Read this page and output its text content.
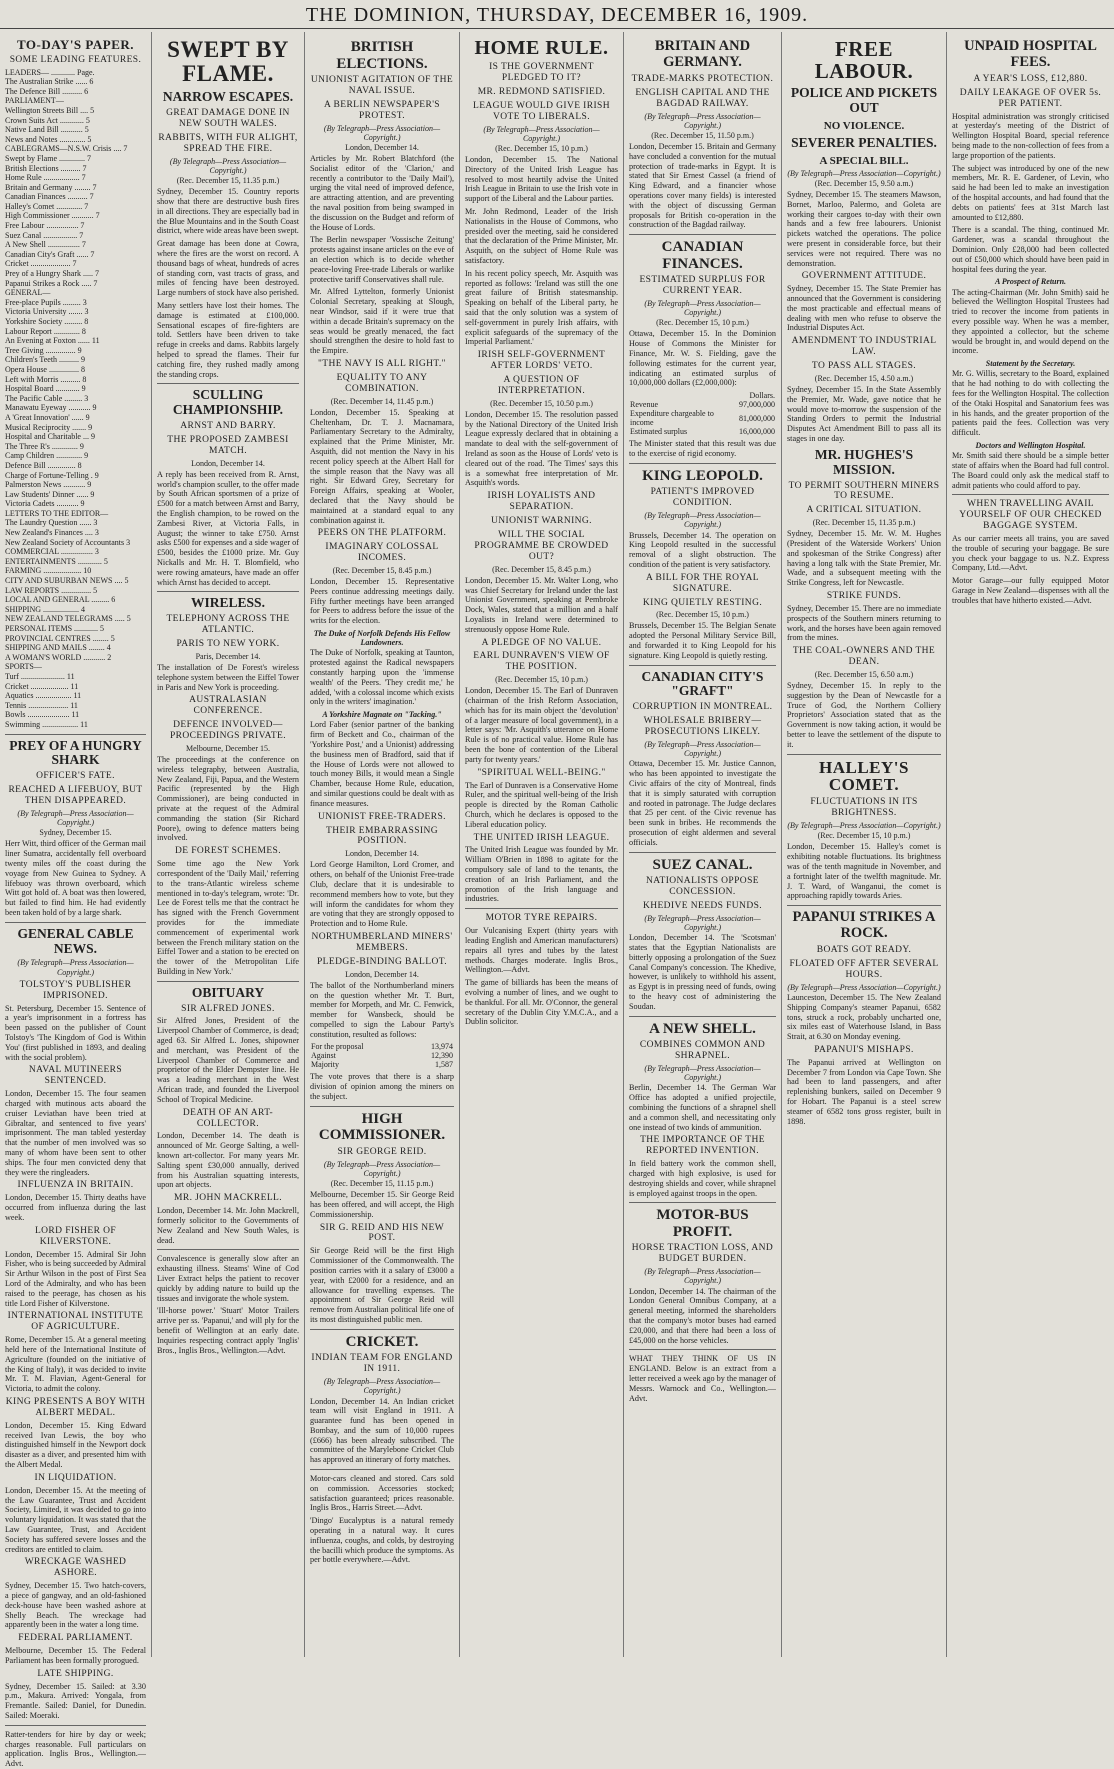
THE DOMINION, THURSDAY, DECEMBER 16, 1909.
TO-DAY'S PAPER.
SOME LEADING FEATURES.
LEADERS— ............ Page.
The Australian Strike ...... 6
The Defence Bill .......... 6
PARLIAMENT—
Wellington Streets Bill .... 5
Crown Suits Act ............ 5
Native Land Bill ........... 5
News and Notes ............. 5
CABLEGRAMS—N.S.W. Crisis .... 7
Swept by Flame ............. 7
British Elections .......... 7
Home Rule .................. 7
Britain and Germany ........ 7
Canadian Finances .......... 7
Halley's Comet ............. 7
High Commissioner ........... 7
Free Labour ................ 7
Suez Canal ................. 7
A New Shell ................ 7
Canadian City's Graft ...... 7
Cricket .................... 7
Prey of a Hungry Shark ..... 7
Papanui Strikes a Rock ..... 7
GENERAL—
Free-place Pupils ......... 3
Victoria University ....... 3
Yorkshire Society ......... 8
Labour Report ............. 8
An Evening at Foxton ...... 11
Tree Giving ............... 9
Children's Teeth .......... 9
Opera House ............... 8
Left with Morris .......... 8
Hospital Board ............ 9
The Pacific Cable ......... 3
Manawatu Eyeway ........... 9
A 'Great Innovation' ...... 9
Musical Reciprocity ....... 9
Hospital and Charitable ... 9
The Three R's ............. 9
Camp Children ............. 9
Defence Bill .............. 8
Charge of Fortune-Telling . 9
Palmerston News ........... 9
Law Students' Dinner ...... 9
Victoria Cadets ........... 9
LETTERS TO THE EDITOR—
The Laundry Question ...... 3
New Zealand's Finances .... 3
New Zealand Society of Accountants 3
COMMERCIAL ................ 3
ENTERTAINMENTS ............ 5
FARMING ................... 10
CITY AND SUBURBAN NEWS .... 5
LAW REPORTS ............... 5
LOCAL AND GENERAL ......... 6
SHIPPING .................. 4
NEW ZEALAND TELEGRAMS ..... 5
PERSONAL ITEMS ............ 5
PROVINCIAL CENTRES ........ 5
SHIPPING AND MAILS ........ 4
A WOMAN'S WORLD ........... 2
SPORTS—
Turf ...................... 11
Cricket ................... 11
Aquatics .................. 11
Tennis .................... 11
Bowls ..................... 11
Swimming .................. 11
PREY OF A HUNGRY SHARK
OFFICER'S FATE.
REACHED A LIFEBUOY, BUT THEN DISAPPEARED.
(By Telegraph—Press Association—Copyright.)
Sydney, December 15.

Herr Witt, third officer of the German mail liner Sumatra, accidentally fell overboard twenty miles off the coast during the voyage from New Guinea to Sydney. A lifebuoy was thrown overboard, which Witt got hold of. A boat was then lowered, but failed to find him. He had evidently been taken hold of by a large shark.

GENERAL CABLE NEWS.
(By Telegraph—Press Association—Copyright.)
TOLSTOY'S PUBLISHER IMPRISONED.

St. Petersburg, December 15. Sentence of a year's imprisonment in a fortress has been passed on the publisher of Count Tolstoy's 'The Kingdom of God is Within You' (first published in 1893, and dealing with the social problem).

NAVAL MUTINEERS SENTENCED.

London, December 15. The four seamen charged with mutinous acts aboard the cruiser Leviathan have been tried at Gibraltar, and sentenced to five years' imprisonment. The man tabled yesterday that the number of men involved was so many of whom have been sent to other ships. The four men convicted deny that they were the ringleaders.

INFLUENZA IN BRITAIN.

London, December 15. Thirty deaths have occurred from influenza during the last week.

LORD FISHER OF KILVERSTONE.

London, December 15. Admiral Sir John Fisher, who is being succeeded by Admiral Sir Arthur Wilson in the post of First Sea Lord of the Admiralty, and who has been raised to the peerage, has chosen as his title Lord Fisher of Kilverstone.

INTERNATIONAL INSTITUTE OF AGRICULTURE.

Rome, December 15. At a general meeting held here of the International Institute of Agriculture (founded on the initiative of the King of Italy), it was decided to invite Mr. T. M. Flavian, Agent-General for Victoria, to admit the colony.

KING PRESENTS A BOY WITH ALBERT MEDAL.

London, December 15. King Edward received Ivan Lewis, the boy who distinguished himself in the Newport dock disaster as a diver, and presented him with the Albert Medal.

IN LIQUIDATION.

London, December 15. At the meeting of the Law Guarantee, Trust and Accident Society, Limited, it was decided to go into voluntary liquidation. It was stated that the Law Guarantee, Trust, and Accident Society has suffered severe losses and the creditors are entitled to claim.

WRECKAGE WASHED ASHORE.

Sydney, December 15. Two hatch-covers, a piece of gangway, and an old-fashioned deck-house have been washed ashore at Shelly Beach. The wreckage had apparently been in the water a long time.

FEDERAL PARLIAMENT.

Melbourne, December 15. The Federal Parliament has been formally prorogued.

LATE SHIPPING.

Sydney, December 15. Sailed: at 3.30 p.m., Makura. Arrived: Yongala, from Fremantle. Sailed: Daniel, for Dunedin. Sailed: Moeraki.

Ratter-tenders for hire by day or week; charges reasonable. Full particulars on application. Inglis Bros., Wellington.—Advt.

SWEPT BY FLAME.
NARROW ESCAPES.
GREAT DAMAGE DONE IN NEW SOUTH WALES.
RABBITS, WITH FUR ALIGHT, SPREAD THE FIRE.
(By Telegraph—Press Association—Copyright.)
(Rec. December 15, 11.35 p.m.)

Sydney, December 15. Country reports show that there are destructive bush fires in all directions. They are especially bad in the Blue Mountains and in the South Coast district, where wide areas have been swept.

Great damage has been done at Cowra, where the fires are the worst on record. A thousand bags of wheat, hundreds of acres of standing corn, vast tracts of grass, and miles of fencing have been destroyed. Large numbers of stock have also perished.

Many settlers have lost their homes. The damage is estimated at £100,000. Sensational escapes of fire-fighters are told. Settlers have been driven to take refuge in creeks and dams. Rabbits largely helped to spread the flames. Their fur catching fire, they rushed madly among the standing crops.

SCULLING CHAMPIONSHIP.
ARNST AND BARRY.
THE PROPOSED ZAMBESI MATCH.
London, December 14.

A reply has been received from R. Arnst, world's champion sculler, to the offer made by South African sportsmen of a prize of £500 for a match between Arnst and Barry, the English champion, to be rowed on the Zambesi River, at Victoria Falls, in August; the winner to take £750. Arnst asks £500 for expenses and a side wager of £500, besides the £1000 prize. Mr. Guy Nickalls and Mr. H. T. Blomfield, who were rowing amateurs, have made an offer which Arnst has decided to accept.

WIRELESS.
TELEPHONY ACROSS THE ATLANTIC.
PARIS TO NEW YORK.
Paris, December 14.

The installation of De Forest's wireless telephone system between the Eiffel Tower in Paris and New York is proceeding.

AUSTRALASIAN CONFERENCE.
DEFENCE INVOLVED—PROCEEDINGS PRIVATE.
Melbourne, December 15.

The proceedings at the conference on wireless telegraphy, between Australia, New Zealand, Fiji, Papua, and the Western Pacific (represented by the High Commissioner), are being conducted in private at the request of the Admiral commanding the station (Sir Richard Poore), owing to defence matters being involved.

DE FOREST SCHEMES.

Some time ago the New York correspondent of the 'Daily Mail,' referring to the trans-Atlantic wireless scheme mentioned in to-day's telegram, wrote: 'Dr. Lee de Forest tells me that the contract he has signed with the French Government provides for the immediate commencement of experimental work between the French military station on the Eiffel Tower and a station to be erected on the tower of the Metropolitan Life Building in New York.'

OBITUARY
SIR ALFRED JONES.

Sir Alfred Jones, President of the Liverpool Chamber of Commerce, is dead; aged 63. Sir Alfred L. Jones, shipowner and merchant, was President of the Liverpool Chamber of Commerce and proprietor of the Elder Dempster line. He was a leading merchant in the West African trade, and founded the Liverpool School of Tropical Medicine.

DEATH OF AN ART-COLLECTOR.

London, December 14. The death is announced of Mr. George Salting, a well-known art-collector. For many years Mr. Salting spent £30,000 annually, derived from his Australian squatting interests, upon art objects.

MR. JOHN MACKRELL.

London, December 14. Mr. John Mackrell, formerly solicitor to the Governments of New Zealand and New South Wales, is dead.

Convalescence is generally slow after an exhausting illness. Steams' Wine of Cod Liver Extract helps the patient to recover quickly by adding nature to build up the tissues and invigorate the whole system.

'Ill-horse power.' 'Stuart' Motor Trailers arrive per ss. 'Papanui,' and will ply for the benefit of Wellington at an early date. Inquiries respecting contract apply 'Inglis' Bros., Inglis Bros., Wellington.—Advt.

BRITISH ELECTIONS.
UNIONIST AGITATION OF THE NAVAL ISSUE.
A BERLIN NEWSPAPER'S PROTEST.
(By Telegraph—Press Association—Copyright.)
London, December 14.

Articles by Mr. Robert Blatchford (the Socialist editor of the 'Clarion,' and recently a contributor to the 'Daily Mail'), urging the vital need of improved defence, are attracting attention, and are preventing the naval position from being swamped in the discussion on the Budget and reform of the House of Lords.

The Berlin newspaper 'Vossische Zeitung' protests against insane articles on the eve of an election which is to decide whether peace-loving Free-trade Liberals or warlike protective tariff Conservatives shall rule.

Mr. Alfred Lyttelton, formerly Unionist Colonial Secretary, speaking at Slough, near Windsor, said if it were true that within a decade Britain's supremacy on the seas would be greatly menaced, the fact should strengthen the desire to hold fast to the Empire.

"THE NAVY IS ALL RIGHT."
EQUALITY TO ANY COMBINATION.
(Rec. December 14, 11.45 p.m.)

London, December 15. Speaking at Cheltenham, Dr. T. J. Macnamara, Parliamentary Secretary to the Admiralty, explained that the Prime Minister, Mr. Asquith, did not mention the Navy in his recent policy speech at the Albert Hall for the simple reason that the Navy was all right. Sir Edward Grey, Secretary for Foreign Affairs, speaking at Wooler, declared that the Navy should be maintained at a standard equal to any combination against it.

PEERS ON THE PLATFORM.
IMAGINARY COLOSSAL INCOMES.
(Rec. December 15, 8.45 p.m.)

London, December 15. Representative Peers continue addressing meetings daily. Fifty further meetings have been arranged for Peers to address before the issue of the writs for the election.

The Duke of Norfolk Defends His Fellow Landowners.

The Duke of Norfolk, speaking at Taunton, protested against the Radical newspapers constantly harping upon the 'immense wealth' of the Peers. 'They credit me,' he added, 'with a colossal income which exists only in the writers' imagination.'

A Yorkshire Magnate on "Tacking."

Lord Faber (senior partner of the banking firm of Beckett and Co., chairman of the 'Yorkshire Post,' and a Unionist) addressing the business men of Bradford, said that if the House of Lords were not allowed to touch money Bills, it would mean a Single Chamber, because Home Rule, education, and similar questions could be dealt with as finance measures.

UNIONIST FREE-TRADERS.
THEIR EMBARRASSING POSITION.
London, December 14.

Lord George Hamilton, Lord Cromer, and others, on behalf of the Unionist Free-trade Club, declare that it is undesirable to recommend members how to vote, but they will inform the candidates for whom they are voting that they are strongly opposed to Protection and to Home Rule.

NORTHUMBERLAND MINERS' MEMBERS.
PLEDGE-BINDING BALLOT.
London, December 14.

The ballot of the Northumberland miners on the question whether Mr. T. Burt, member for Morpeth, and Mr. C. Fenwick, member for Wansbeck, should be compelled to sign the Labour Party's constitution, resulted as follows:

For the proposal	13,974
Against	12,390
Majority	1,587

The vote proves that there is a sharp division of opinion among the miners on the subject.

HIGH COMMISSIONER.
SIR GEORGE REID.
(By Telegraph—Press Association—Copyright.)
(Rec. December 15, 11.15 p.m.)

Melbourne, December 15. Sir George Reid has been offered, and will accept, the High Commissionership.

SIR G. REID AND HIS NEW POST.

Sir George Reid will be the first High Commissioner of the Commonwealth. The position carries with it a salary of £3000 a year, with £2000 for a residence, and an allowance for travelling expenses. The appointment of Sir George Reid will remove from Australian political life one of its most distinguished public men.

CRICKET.
INDIAN TEAM FOR ENGLAND IN 1911.
(By Telegraph—Press Association—Copyright.)

London, December 14. An Indian cricket team will visit England in 1911. A guarantee fund has been opened in Bombay, and the sum of 10,000 rupees (£666) has been already subscribed. The committee of the Marylebone Cricket Club has approved an itinerary of forty matches.

Motor-cars cleaned and stored. Cars sold on commission. Accessories stocked; satisfaction guaranteed; prices reasonable. Inglis Bros., Harris Street.—Advt.

'Dingo' Eucalyptus is a natural remedy operating in a natural way. It cures influenza, coughs, and colds, by destroying the bacilli which produce the symptoms. As per bottle everywhere.—Advt.

HOME RULE.
IS THE GOVERNMENT PLEDGED TO IT?
MR. REDMOND SATISFIED.
LEAGUE WOULD GIVE IRISH VOTE TO LIBERALS.
(By Telegraph—Press Association—Copyright.)
(Rec. December 15, 10 p.m.)

London, December 15. The National Directory of the United Irish League has resolved to most heartily advise the United Irish League in Britain to use the Irish vote in support of the Liberal and the Labour parties.

Mr. John Redmond, Leader of the Irish Nationalists in the House of Commons, who presided over the meeting, said he considered that the declaration of the Prime Minister, Mr. Asquith, on the subject of Home Rule was satisfactory.

In his recent policy speech, Mr. Asquith was reported as follows: 'Ireland was still the one great failure of British statesmanship. Speaking on behalf of the Liberal party, he said that the only solution was a system of self-government in purely Irish affairs, with explicit safeguards of the supremacy of the Imperial Parliament.'

IRISH SELF-GOVERNMENT AFTER LORDS' VETO.
A QUESTION OF INTERPRETATION.
(Rec. December 15, 10.50 p.m.)

London, December 15. The resolution passed by the National Directory of the United Irish League expressly declared that in obtaining a mandate to deal with the self-government of Ireland as soon as the House of Lords' veto is cleared out of the road. 'The Times' says this is a somewhat free interpretation of Mr. Asquith's words.

IRISH LOYALISTS AND SEPARATION.
UNIONIST WARNING.
WILL THE SOCIAL PROGRAMME BE CROWDED OUT?
(Rec. December 15, 8.45 p.m.)

London, December 15. Mr. Walter Long, who was Chief Secretary for Ireland under the last Unionist Government, speaking at Pembroke Dock, Wales, stated that a million and a half Loyalists in Ireland were determined to strenuously oppose Home Rule.

A PLEDGE OF NO VALUE.
EARL DUNRAVEN'S VIEW OF THE POSITION.
(Rec. December 15, 10 p.m.)

London, December 15. The Earl of Dunraven (chairman of the Irish Reform Association, which has for its main object the 'devolution' of a larger measure of local government), in a letter says: 'Mr. Asquith's utterance on Home Rule is of no practical value. Home Rule has been the bone of contention of the Liberal party for twenty years.'

"SPIRITUAL WELL-BEING."

The Earl of Dunraven is a Conservative Home Ruler, and the spiritual well-being of the Irish people is directed by the Roman Catholic Church, which he declares is opposed to the Liberal education policy.

THE UNITED IRISH LEAGUE.

The United Irish League was founded by Mr. William O'Brien in 1898 to agitate for the compulsory sale of land to the tenants, the creation of an Irish Parliament, and the promotion of the Irish language and industries.

MOTOR TYRE REPAIRS.

Our Vulcanising Expert (thirty years with leading English and American manufacturers) repairs all tyres and tubes by the latest methods. Charges moderate. Inglis Bros., Wellington.—Advt.

The game of billiards has been the means of evolving a number of lines, and we ought to be thankful. For all. Mr. O'Connor, the general secretary of the Dublin City Y.M.C.A., and a Dublin solicitor.

BRITAIN AND GERMANY.
TRADE-MARKS PROTECTION.
ENGLISH CAPITAL AND THE BAGDAD RAILWAY.
(By Telegraph—Press Association—Copyright.)
(Rec. December 15, 11.50 p.m.)

London, December 15. Britain and Germany have concluded a convention for the mutual protection of trade-marks in Egypt. It is stated that Sir Ernest Cassel (a friend of King Edward, and a financier whose operations cover many fields) is interested with the object of discussing German proposals for British co-operation in the construction of the Bagdad railway.

CANADIAN FINANCES.
ESTIMATED SURPLUS FOR CURRENT YEAR.
(By Telegraph—Press Association—Copyright.)
(Rec. December 15, 10 p.m.)

Ottawa, December 15. In the Dominion House of Commons the Minister for Finance, Mr. W. S. Fielding, gave the following estimates for the current year, indicating an estimated surplus of 10,000,000 dollars (£2,000,000):

	Dollars.
Revenue	97,000,000
Expenditure chargeable to income	81,000,000
Estimated surplus	16,000,000

The Minister stated that this result was due to the exercise of rigid economy.

KING LEOPOLD.
PATIENT'S IMPROVED CONDITION.
(By Telegraph—Press Association—Copyright.)

Brussels, December 14. The operation on King Leopold resulted in the successful removal of a slight obstruction. The condition of the patient is very satisfactory.

A BILL FOR THE ROYAL SIGNATURE.
KING QUIETLY RESTING.
(Rec. December 15, 10 p.m.)

Brussels, December 15. The Belgian Senate adopted the Personal Military Service Bill, and forwarded it to King Leopold for his signature. King Leopold is quietly resting.

CANADIAN CITY'S "GRAFT"
CORRUPTION IN MONTREAL.
WHOLESALE BRIBERY—PROSECUTIONS LIKELY.
(By Telegraph—Press Association—Copyright.)

Ottawa, December 15. Mr. Justice Cannon, who has been appointed to investigate the Civic affairs of the city of Montreal, finds that it is simply saturated with corruption and rooted in patronage. The Judge declares that 25 per cent. of the Civic revenue has been sunk in bribes. He recommends the prosecution of eight aldermen and several officials.

SUEZ CANAL.
NATIONALISTS OPPOSE CONCESSION.
KHEDIVE NEEDS FUNDS.
(By Telegraph—Press Association—Copyright.)

London, December 14. The 'Scotsman' states that the Egyptian Nationalists are bitterly opposing a prolongation of the Suez Canal Company's concession. The Khedive, however, is unlikely to withhold his assent, as Egypt is in pressing need of funds, owing to the heavy cost of administering the Soudan.

A NEW SHELL.
COMBINES COMMON AND SHRAPNEL.
(By Telegraph—Press Association—Copyright.)

Berlin, December 14. The German War Office has adopted a unified projectile, combining the functions of a shrapnel shell and a common shell, and necessitating only one instead of two kinds of ammunition.

THE IMPORTANCE OF THE REPORTED INVENTION.

In field battery work the common shell, charged with high explosive, is used for destroying shields and cover, while shrapnel is employed against troops in the open.

MOTOR-BUS PROFIT.
HORSE TRACTION LOSS, AND BUDGET BURDEN.
(By Telegraph—Press Association—Copyright.)

London, December 14. The chairman of the London General Omnibus Company, at a general meeting, informed the shareholders that the company's motor buses had earned £20,000, and that there had been a loss of £45,000 on the horse vehicles.

WHAT THEY THINK OF US IN ENGLAND. Below is an extract from a letter received a week ago by the manager of Messrs. Warnock and Co., Wellington.—Advt.

FREE LABOUR.
POLICE AND PICKETS OUT
NO VIOLENCE.
SEVERER PENALTIES.
A SPECIAL BILL.
(By Telegraph—Press Association—Copyright.)
(Rec. December 15, 9.50 a.m.)

Sydney, December 15. The steamers Mawson, Bornet, Marloo, Palermo, and Goleta are working their cargoes to-day with their own hands and a few free labourers. Unionist pickets watched the operations. The police were present in considerable force, but their services were not required. There was no demonstration.

GOVERNMENT ATTITUDE.

Sydney, December 15. The State Premier has announced that the Government is considering the most practicable and effectual means of dealing with men who refuse to observe the Industrial Disputes Act.

AMENDMENT TO INDUSTRIAL LAW.
TO PASS ALL STAGES.
(Rec. December 15, 4.50 a.m.)

Sydney, December 15. In the State Assembly the Premier, Mr. Wade, gave notice that he would move to-morrow the suspension of the Standing Orders to permit the Industrial Disputes Act Amendment Bill to pass all its stages in one day.

MR. HUGHES'S MISSION.
TO PERMIT SOUTHERN MINERS TO RESUME.
A CRITICAL SITUATION.
(Rec. December 15, 11.35 p.m.)

Sydney, December 15. Mr. W. M. Hughes (President of the Waterside Workers' Union and spokesman of the Strike Congress) after having a long talk with the State Premier, Mr. Wade, and a subsequent meeting with the Strike Congress, left for Newcastle.

STRIKE FUNDS.

Sydney, December 15. There are no immediate prospects of the Southern miners returning to work, and the horses have been again removed from the mines.

THE COAL-OWNERS AND THE DEAN.
(Rec. December 15, 6.50 a.m.)

Sydney, December 15. In reply to the suggestion by the Dean of Newcastle for a Truce of God, the Northern Colliery Proprietors' Association stated that as the Government is now taking action, it would be better to leave the settlement of the dispute to it.

HALLEY'S COMET.
FLUCTUATIONS IN ITS BRIGHTNESS.
(By Telegraph—Press Association—Copyright.)
(Rec. December 15, 10 p.m.)

London, December 15. Halley's comet is exhibiting notable fluctuations. Its brightness was of the tenth magnitude in November, and a fortnight later of the twelfth magnitude. Mr. J. T. Ward, of Wanganui, the comet is approaching rapidly towards Aries.

PAPANUI STRIKES A ROCK.
BOATS GOT READY.
FLOATED OFF AFTER SEVERAL HOURS.
(By Telegraph—Press Association—Copyright.)

Launceston, December 15. The New Zealand Shipping Company's steamer Papanui, 6582 tons, struck a rock, probably uncharted one, six miles east of Waterhouse Island, in Bass Strait, at 6.30 on Monday evening.

PAPANUI'S MISHAPS.

The Papanui arrived at Wellington on December 7 from London via Cape Town. She had been to land passengers, and after replenishing bunkers, sailed on December 9 for Hobart. The Papanui is a steel screw steamer of 6582 tons gross register, built in 1898.

UNPAID HOSPITAL FEES.
A YEAR'S LOSS, £12,880.
DAILY LEAKAGE OF OVER 5s. PER PATIENT.

Hospital administration was strongly criticised at yesterday's meeting of the District of Wellington Hospital Board, special reference being made to the non-collection of fees from a large proportion of the patients.

The subject was introduced by one of the new members, Mr. R. E. Gardener, of Levin, who said he had been led to make an investigation of the hospital accounts, and had found that the debts on patients' fees at 31st March last amounted to £12,880.

There is a scandal. The thing, continued Mr. Gardener, was a scandal throughout the Dominion. Only £28,000 had been collected out of £50,000 which should have been paid in hospital fees during the year.

A Prospect of Return.

The acting-Chairman (Mr. John Smith) said he believed the Wellington Hospital Trustees had tried to recover the income from patients in every possible way. When he was a member, they appointed a collector, but the scheme would be brought in, and would depend on the income.

Statement by the Secretary.

Mr. G. Willis, secretary to the Board, explained that he had nothing to do with collecting the fees for the Wellington Hospital. The collection of the Otaki Hospital and Sanatorium fees was in his hands, and the greater proportion of the patients paid the fees. Collection was very difficult.

Doctors and Wellington Hospital.

Mr. Smith said there should be a simple better state of affairs when the Board had full control. The Board could only ask the medical staff to admit patients who could afford to pay.

WHEN TRAVELLING AVAIL YOURSELF OF OUR CHECKED BAGGAGE SYSTEM.

As our carrier meets all trains, you are saved the trouble of securing your baggage. Be sure you check your baggage to us. N.Z. Express Company, Ltd.—Advt.

Motor Garage—our fully equipped Motor Garage in New Zealand—dispenses with all the troubles that have hitherto existed.—Advt.
